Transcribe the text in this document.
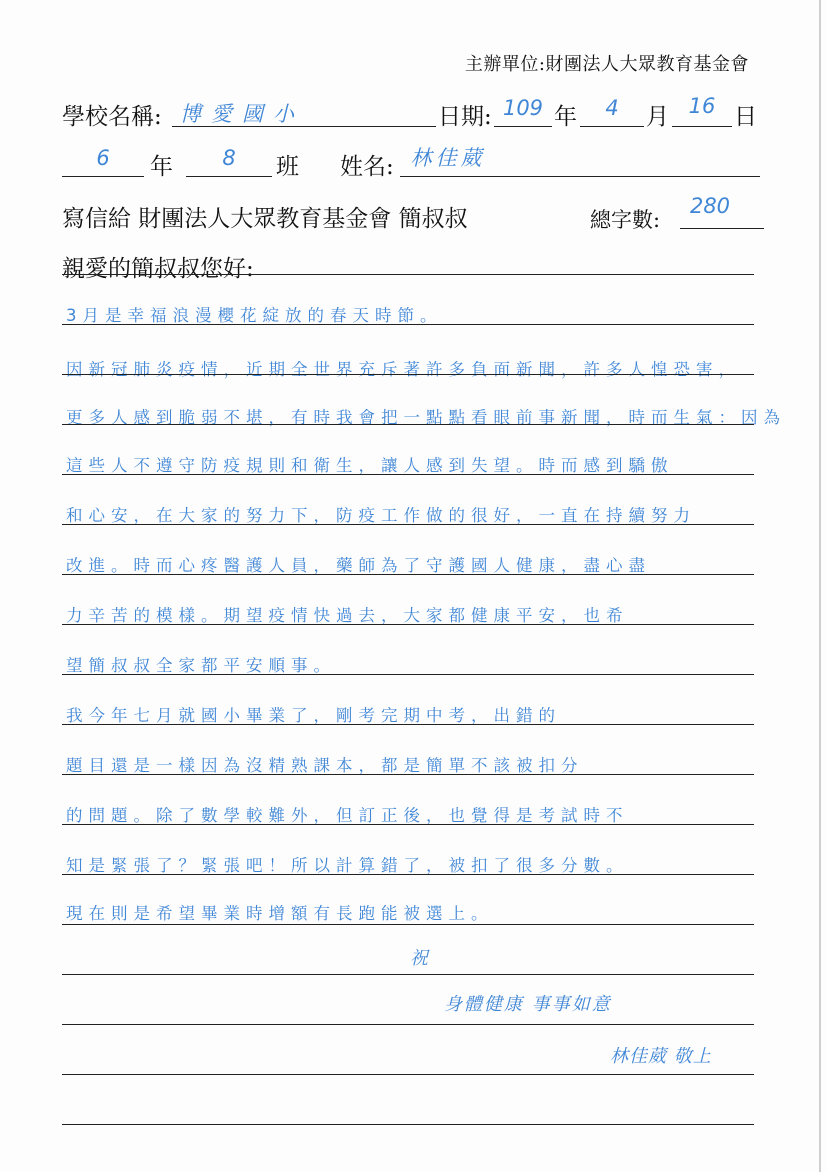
主辦單位:財團法人大眾教育基金會
學校名稱: 博愛國小	日期: 109 年	4	月 16 日
6	年	8	班 姓名: 林佳葳
寫信給 財團法人大眾教育基金會 簡叔叔	總字數:
280
親愛的簡叔叔您好:
3月是幸福浪漫櫻花綻放的春天時節。
因新冠肺炎疫情，近期全世界充斥著許多負面新聞，許多人惶恐害，
更多人感到脆弱不堪，有時我會把一點點看眼前事新聞，時而生氣：因為
這些人不遵守防疫規則和衛生，讓人感到失望。時而感到驕傲
和心安，在大家的努力下，防疫工作做的很好，一直在持續努力
改進。時而心疼醫護人員，藥師為了守護國人健康，盡心盡
力辛苦的模樣。期望疫情快過去，大家都健康平安，也希
望簡叔叔全家都平安順事。
我今年七月就國小畢業了，剛考完期中考，出錯的
題目還是一樣因為沒精熟課本，都是簡單不該被扣分
的問題。除了數學較難外，但訂正後，也覺得是考試時不
知是緊張了？緊張吧！所以計算錯了，被扣了很多分數。
現在則是希望畢業時增額有長跑能被選上。
祝
身體健康 事事如意
林佳葳 敬上
